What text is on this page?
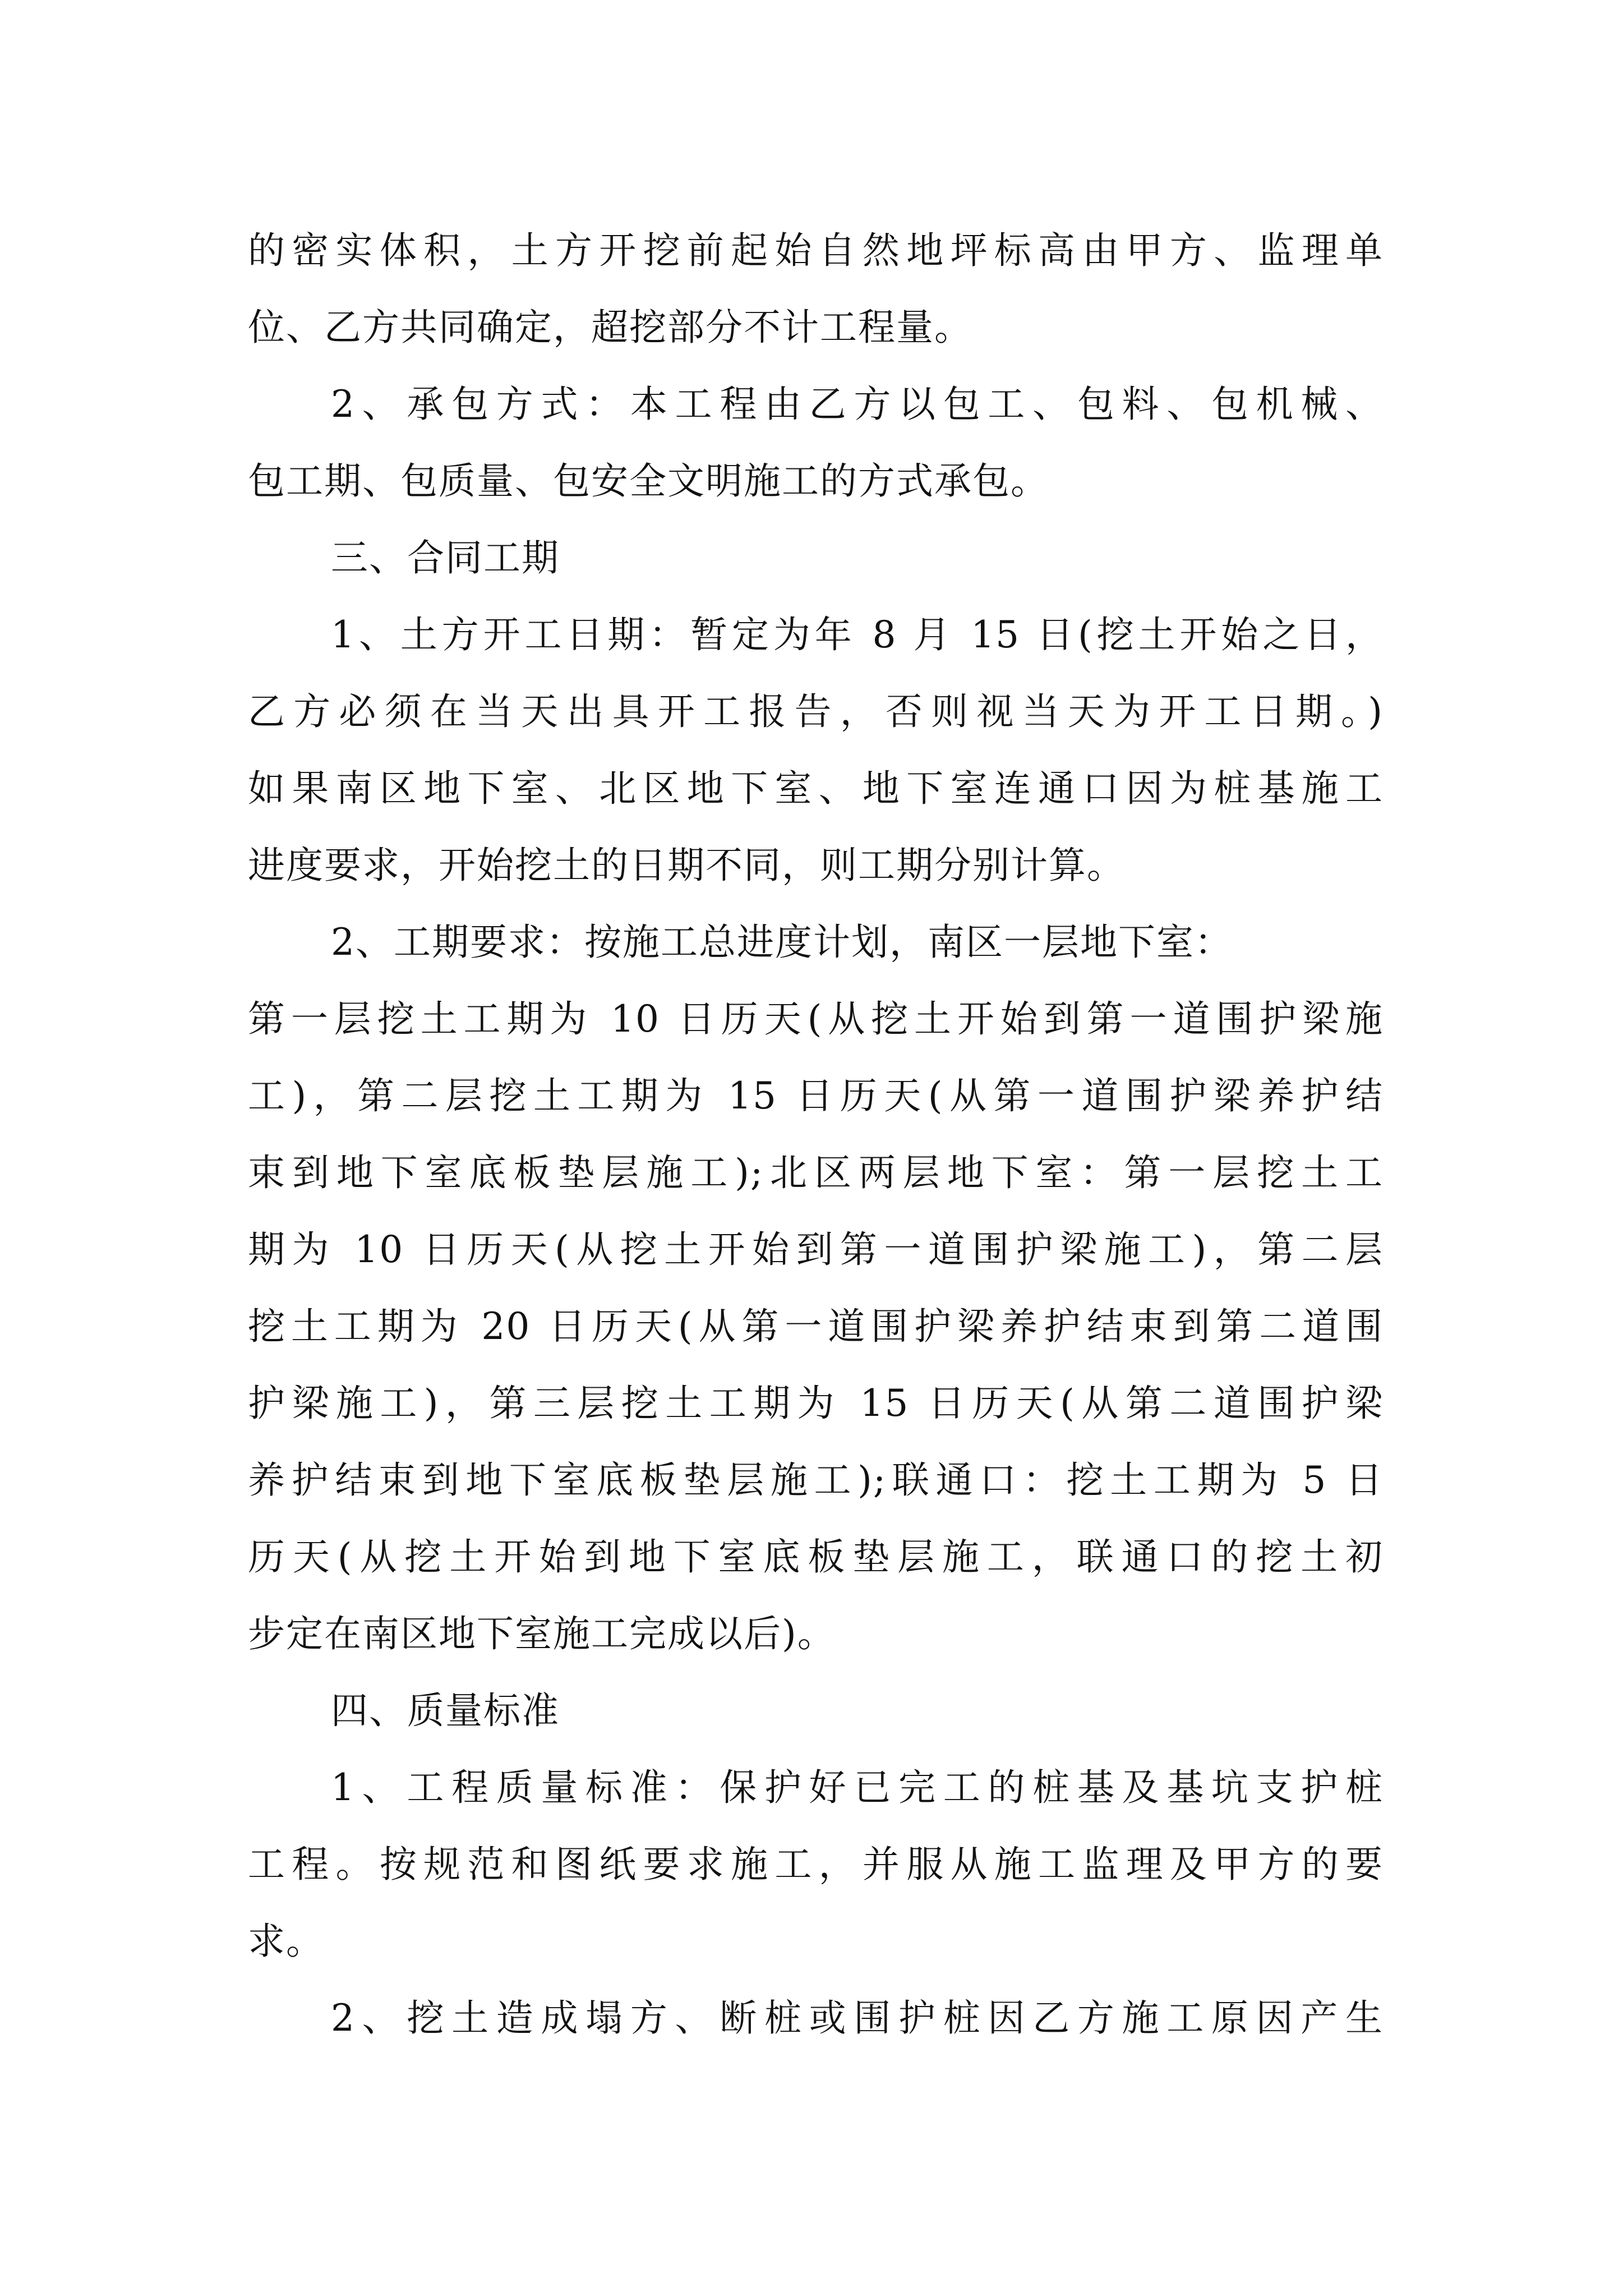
的密实体积，土方开挖前起始自然地坪标高由甲方、监理单
位、乙方共同确定，超挖部分不计工程量。
2、承包方式：本工程由乙方以包工、包料、包机械、
包工期、包质量、包安全文明施工的方式承包。
三、合同工期
1、土方开工日期：暂定为年 8 月 15 日(挖土开始之日，
乙方必须在当天出具开工报告，否则视当天为开工日期。)
如果南区地下室、北区地下室、地下室连通口因为桩基施工
进度要求，开始挖土的日期不同，则工期分别计算。
2、工期要求：按施工总进度计划，南区一层地下室：
第一层挖土工期为 10 日历天(从挖土开始到第一道围护梁施
工)，第二层挖土工期为 15 日历天(从第一道围护梁养护结
束到地下室底板垫层施工);北区两层地下室：第一层挖土工
期为 10 日历天(从挖土开始到第一道围护梁施工)，第二层
挖土工期为 20 日历天(从第一道围护梁养护结束到第二道围
护梁施工)，第三层挖土工期为 15 日历天(从第二道围护梁
养护结束到地下室底板垫层施工);联通口：挖土工期为 5 日
历天(从挖土开始到地下室底板垫层施工，联通口的挖土初
步定在南区地下室施工完成以后)。
四、质量标准
1、工程质量标准：保护好已完工的桩基及基坑支护桩
工程。按规范和图纸要求施工，并服从施工监理及甲方的要
求。
2、挖土造成塌方、断桩或围护桩因乙方施工原因产生
